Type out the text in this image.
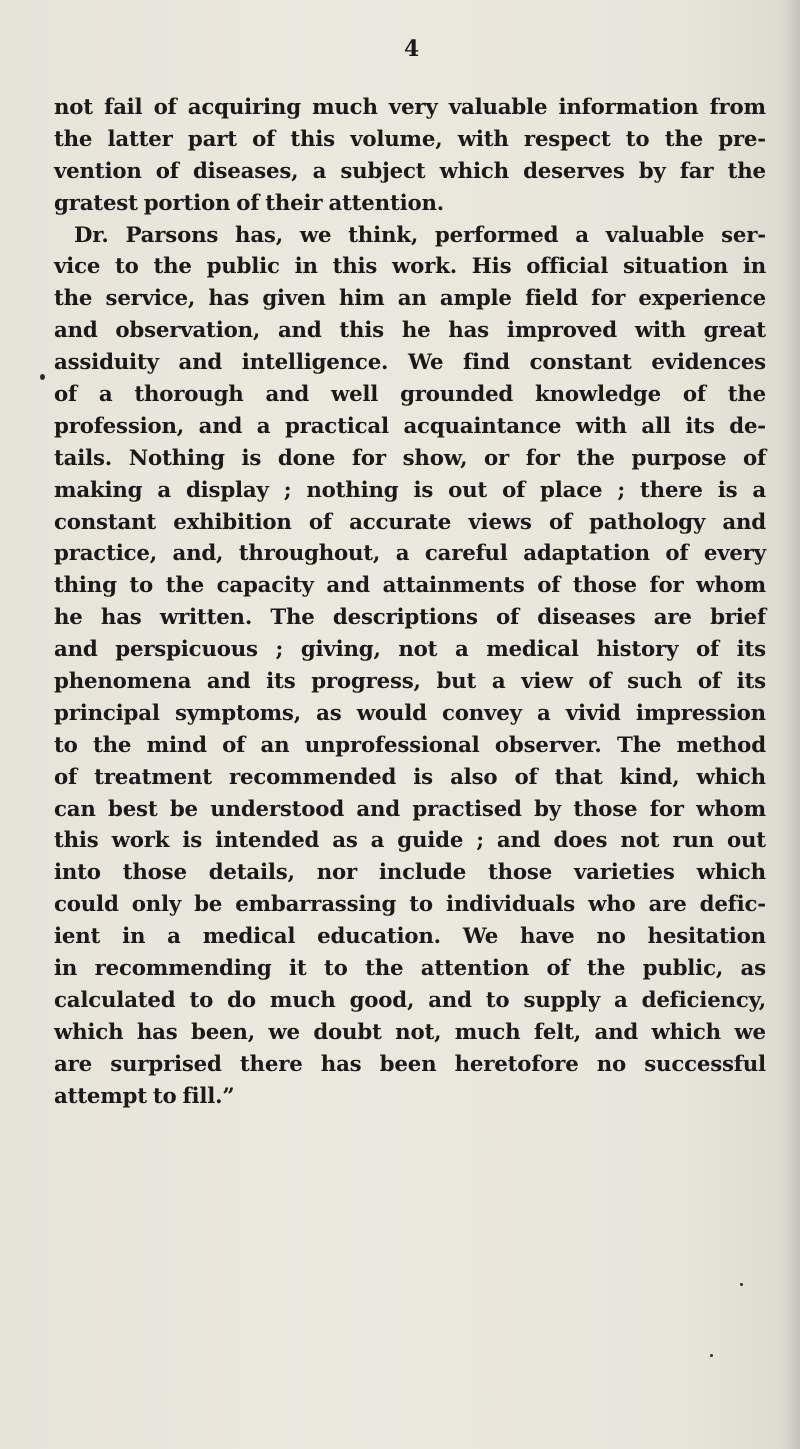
4
not fail of acquiring much very valuable information from
the latter part of this volume, with respect to the pre-
vention of diseases, a subject which deserves by far the
gratest portion of their attention.
Dr. Parsons has, we think, performed a valuable ser-
vice to the public in this work. His official situation in
the service, has given him an ample field for experience
and observation, and this he has improved with great
assiduity and intelligence. We find constant evidences
of a thorough and well grounded knowledge of the
profession, and a practical acquaintance with all its de-
tails. Nothing is done for show, or for the purpose of
making a display ; nothing is out of place ; there is a
constant exhibition of accurate views of pathology and
practice, and, throughout, a careful adaptation of every
thing to the capacity and attainments of those for whom
he has written. The descriptions of diseases are brief
and perspicuous ; giving, not a medical history of its
phenomena and its progress, but a view of such of its
principal symptoms, as would convey a vivid impression
to the mind of an unprofessional observer. The method
of treatment recommended is also of that kind, which
can best be understood and practised by those for whom
this work is intended as a guide ; and does not run out
into those details, nor include those varieties which
could only be embarrassing to individuals who are defic-
ient in a medical education. We have no hesitation
in recommending it to the attention of the public, as
calculated to do much good, and to supply a deficiency,
which has been, we doubt not, much felt, and which we
are surprised there has been heretofore no successful
attempt to fill.”
